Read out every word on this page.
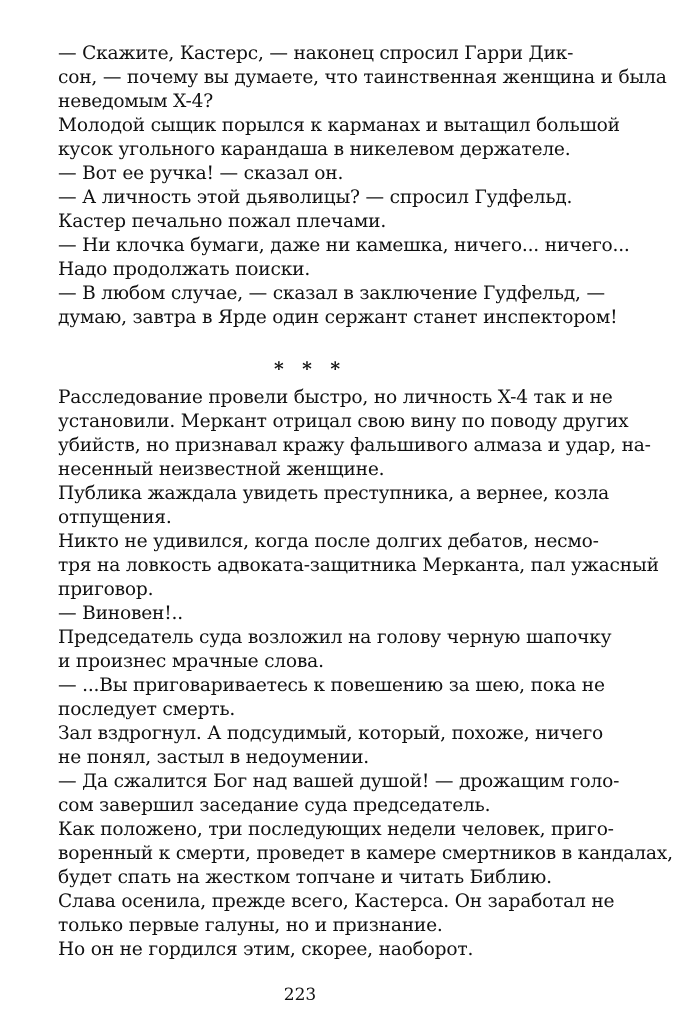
— Скажите, Кастерс, — наконец спросил Гарри Дик-
сон, — почему вы думаете, что таинственная женщина и была
неведомым X-4?
Молодой сыщик порылся к карманах и вытащил большой
кусок угольного карандаша в никелевом держателе.
— Вот ее ручка! — сказал он.
— А личность этой дьяволицы? — спросил Гудфельд.
Кастер печально пожал плечами.
— Ни клочка бумаги, даже ни камешка, ничего... ничего...
Надо продолжать поиски.
— В любом случае, — сказал в заключение Гудфельд, —
думаю, завтра в Ярде один сержант станет инспектором!
* * *
Расследование провели быстро, но личность X-4 так и не
установили. Меркант отрицал свою вину по поводу других
убийств, но признавал кражу фальшивого алмаза и удар, на-
несенный неизвестной женщине.
Публика жаждала увидеть преступника, а вернее, козла
отпущения.
Никто не удивился, когда после долгих дебатов, несмо-
тря на ловкость адвоката-защитника Мерканта, пал ужасный
приговор.
— Виновен!..
Председатель суда возложил на голову черную шапочку
и произнес мрачные слова.
— ...Вы приговариваетесь к повешению за шею, пока не
последует смерть.
Зал вздрогнул. А подсудимый, который, похоже, ничего
не понял, застыл в недоумении.
— Да сжалится Бог над вашей душой! — дрожащим голо-
сом завершил заседание суда председатель.
Как положено, три последующих недели человек, приго-
воренный к смерти, проведет в камере смертников в кандалах,
будет спать на жестком топчане и читать Библию.
Слава осенила, прежде всего, Кастерса. Он заработал не
только первые галуны, но и признание.
Но он не гордился этим, скорее, наоборот.
223
